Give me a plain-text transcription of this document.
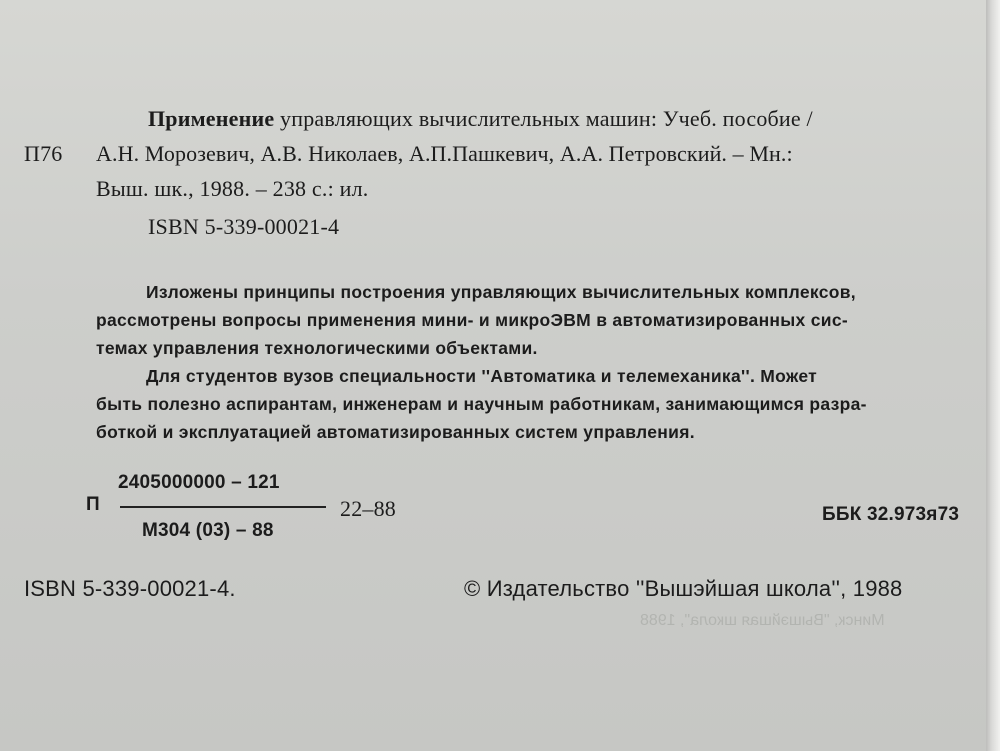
Применение управляющих вычислительных машин: Учеб. пособие /
П76 А.Н. Морозевич, А.В. Николаев, А.П.Пашкевич, А.А. Петровский. – Мн.:
Выш. шк., 1988. – 238 с.: ил.
ISBN 5-339-00021-4
Изложены принципы построения управляющих вычислительных комплексов,
рассмотрены вопросы применения мини- и микроЭВМ в автоматизированных сис-
темах управления технологическими объектами.
Для студентов вузов специальности ''Автоматика и телемеханика''. Может
быть полезно аспирантам, инженерам и научным работникам, занимающимся разра-
боткой и эксплуатацией автоматизированных систем управления.
П
2405000000 – 121
М304 (03) – 88
22–88	ББК 32.973я73
ISBN 5-339-00021-4.	© Издательство ''Вышэйшая школа'', 1988
Минск, "Вышэйшая школа", 1988
